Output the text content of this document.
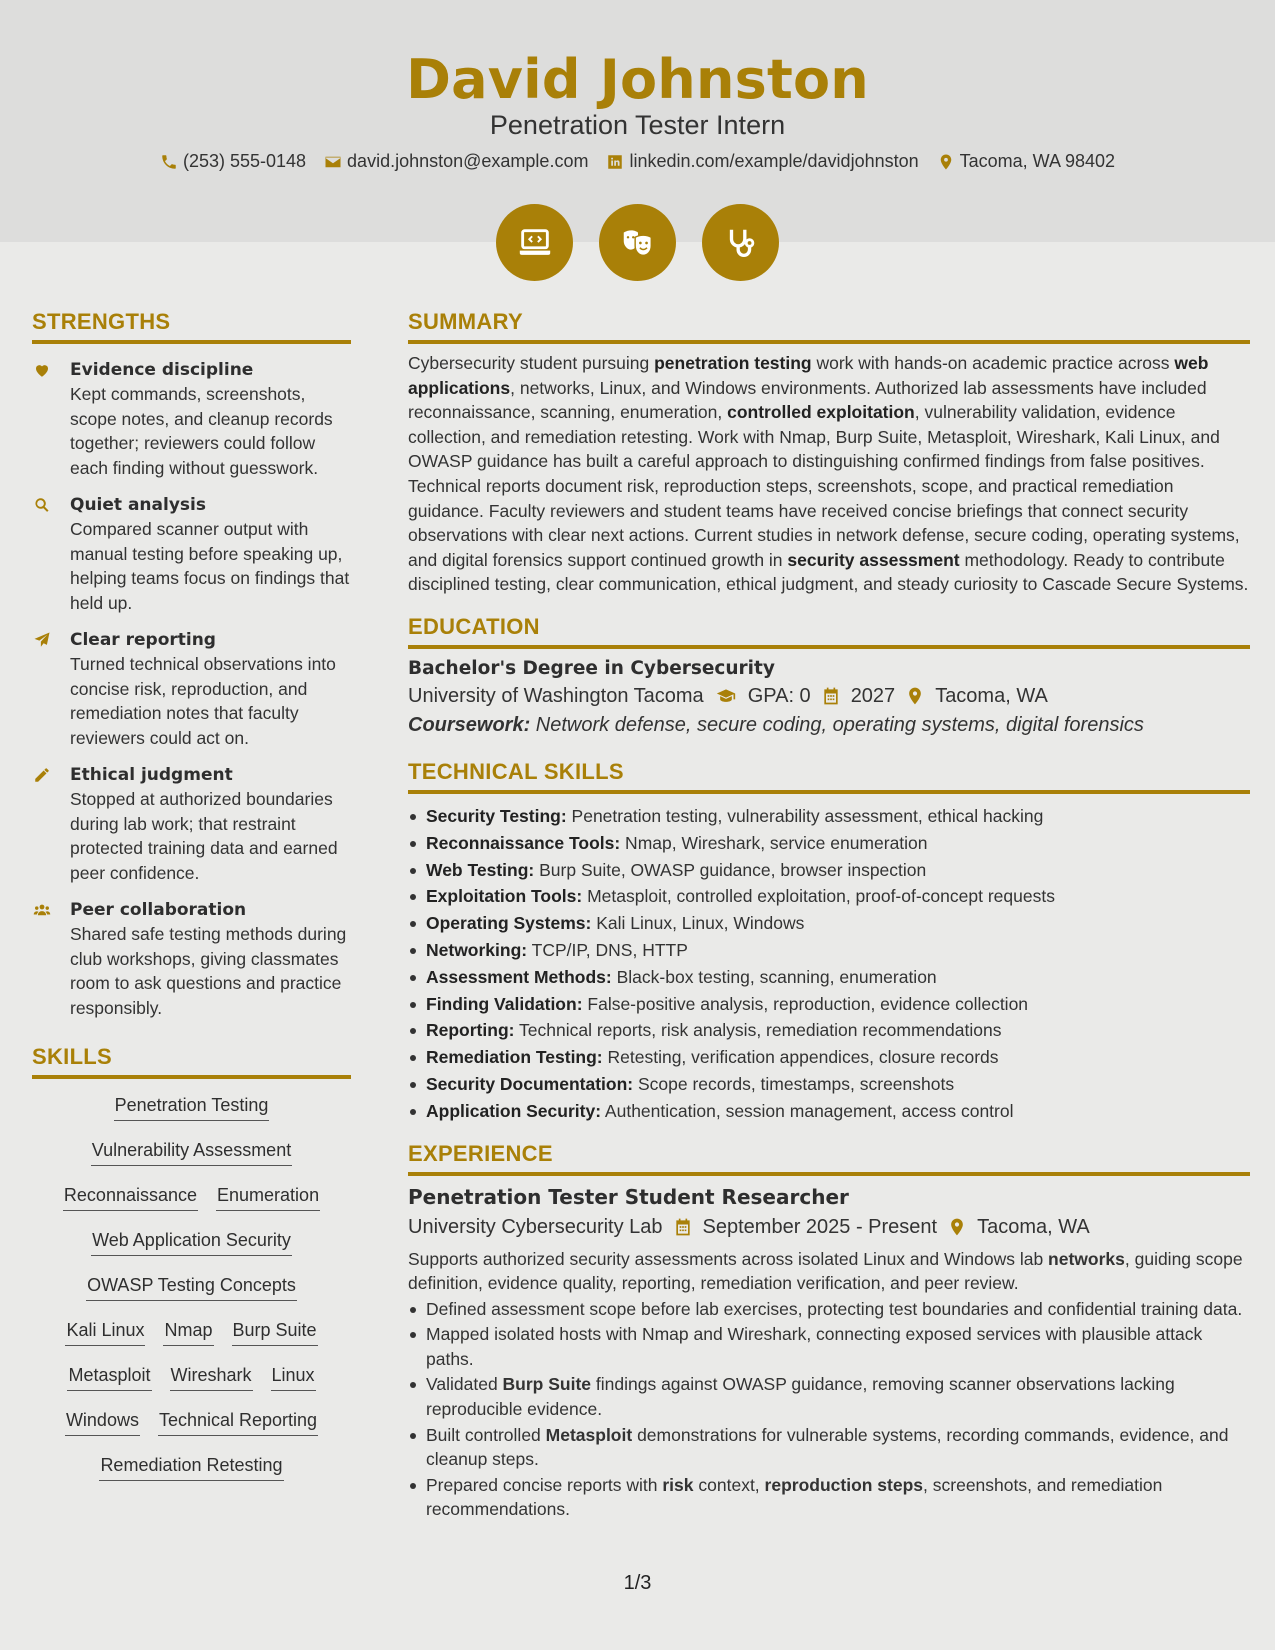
David Johnston
Penetration Tester Intern
(253) 555-0148 david.johnston@example.com linkedin.com/example/davidjohnston Tacoma, WA 98402
STRENGTHS
Evidence discipline
Kept commands, screenshots, scope notes, and cleanup records together; reviewers could follow each finding without guesswork.
Quiet analysis
Compared scanner output with manual testing before speaking up, helping teams focus on findings that held up.
Clear reporting
Turned technical observations into concise risk, reproduction, and remediation notes that faculty reviewers could act on.
Ethical judgment
Stopped at authorized boundaries during lab work; that restraint protected training data and earned peer confidence.
Peer collaboration
Shared safe testing methods during club workshops, giving classmates room to ask questions and practice responsibly.
SKILLS
Penetration Testing
Vulnerability Assessment
Reconnaissance Enumeration
Web Application Security
OWASP Testing Concepts
Kali Linux Nmap Burp Suite
Metasploit Wireshark Linux
Windows Technical Reporting
Remediation Retesting
SUMMARY

Cybersecurity student pursuing penetration testing work with hands-on academic practice across web applications, networks, Linux, and Windows environments. Authorized lab assessments have included reconnaissance, scanning, enumeration, controlled exploitation, vulnerability validation, evidence collection, and remediation retesting. Work with Nmap, Burp Suite, Metasploit, Wireshark, Kali Linux, and OWASP guidance has built a careful approach to distinguishing confirmed findings from false positives. Technical reports document risk, reproduction steps, screenshots, scope, and practical remediation guidance. Faculty reviewers and student teams have received concise briefings that connect security observations with clear next actions. Current studies in network defense, secure coding, operating systems, and digital forensics support continued growth in security assessment methodology. Ready to contribute disciplined testing, clear communication, ethical judgment, and steady curiosity to Cascade Secure Systems.

EDUCATION
Bachelor's Degree in Cybersecurity
University of Washington Tacoma GPA: 0 2027 Tacoma, WA
Coursework: Network defense, secure coding, operating systems, digital forensics
TECHNICAL SKILLS
Security Testing: Penetration testing, vulnerability assessment, ethical hacking
Reconnaissance Tools: Nmap, Wireshark, service enumeration
Web Testing: Burp Suite, OWASP guidance, browser inspection
Exploitation Tools: Metasploit, controlled exploitation, proof-of-concept requests
Operating Systems: Kali Linux, Linux, Windows
Networking: TCP/IP, DNS, HTTP
Assessment Methods: Black-box testing, scanning, enumeration
Finding Validation: False-positive analysis, reproduction, evidence collection
Reporting: Technical reports, risk analysis, remediation recommendations
Remediation Testing: Retesting, verification appendices, closure records
Security Documentation: Scope records, timestamps, screenshots
Application Security: Authentication, session management, access control
EXPERIENCE
Penetration Tester Student Researcher
University Cybersecurity Lab September 2025 - Present Tacoma, WA

Supports authorized security assessments across isolated Linux and Windows lab networks, guiding scope definition, evidence quality, reporting, remediation verification, and peer review.

Defined assessment scope before lab exercises, protecting test boundaries and confidential training data.
Mapped isolated hosts with Nmap and Wireshark, connecting exposed services with plausible attack paths.
Validated Burp Suite findings against OWASP guidance, removing scanner observations lacking reproducible evidence.
Built controlled Metasploit demonstrations for vulnerable systems, recording commands, evidence, and cleanup steps.
Prepared concise reports with risk context, reproduction steps, screenshots, and remediation recommendations.
1/3
